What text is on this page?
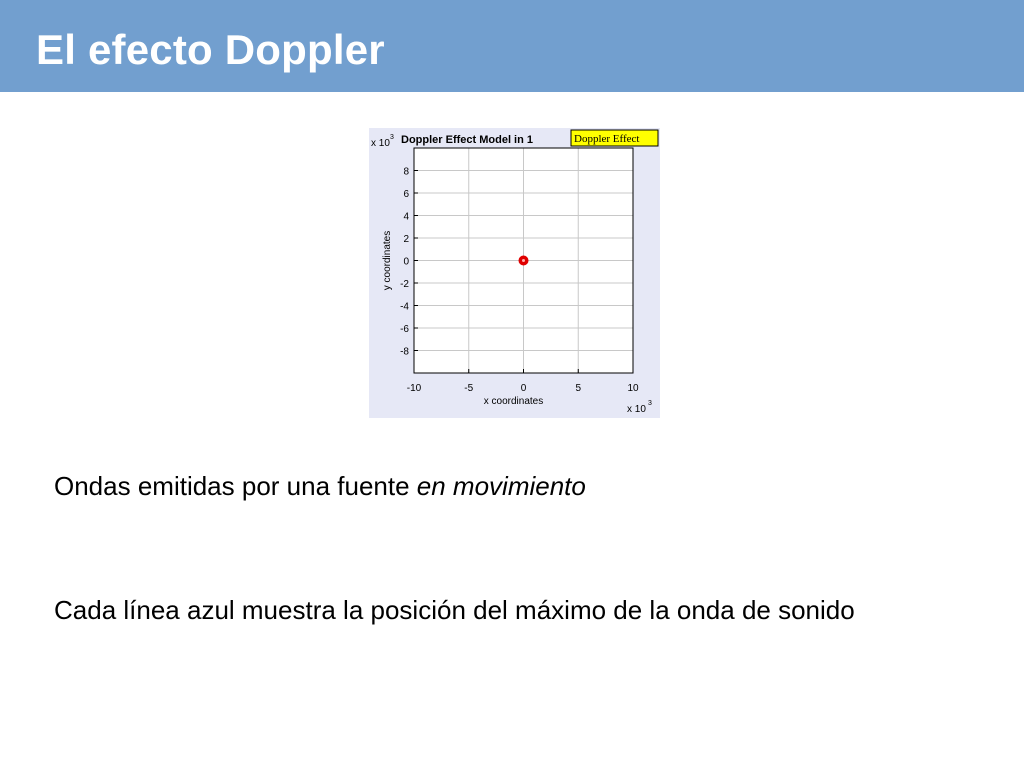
El efecto Doppler
-10	-5	0	5	10
8
6
4
2
0
-2
-4
-6
-8
Doppler Effect Model in 1
x 10
3
x 10
3
x coordinates
y coordinates
Doppler Effect
Ondas emitidas por una fuente en movimiento
Cada línea azul muestra la posición del máximo de la onda de sonido
